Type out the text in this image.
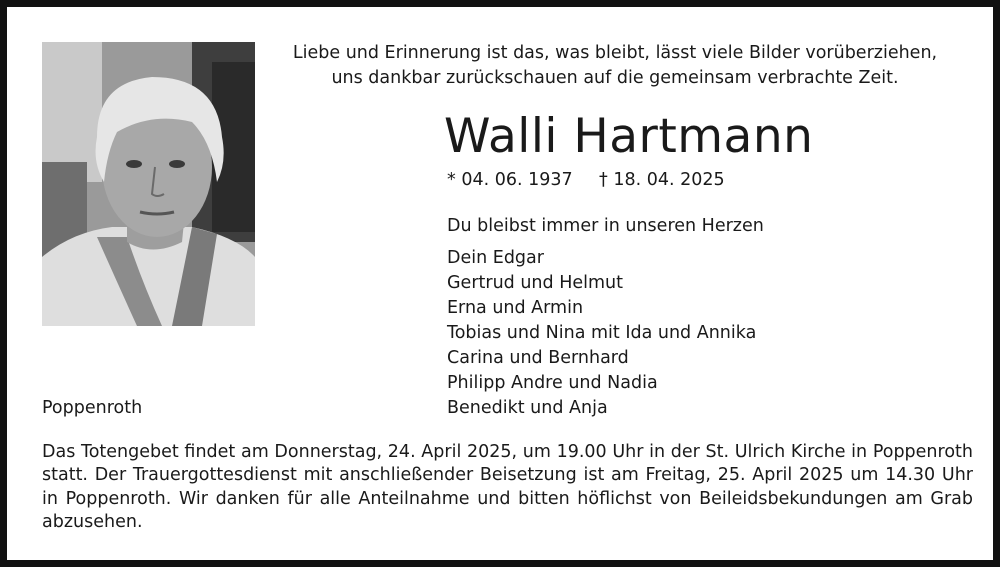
Liebe und Erinnerung ist das, was bleibt, lässt viele Bilder vorüberziehen,
uns dankbar zurückschauen auf die gemeinsam verbrachte Zeit.
Walli Hartmann
* 04. 06. 1937 † 18. 04. 2025
Du bleibst immer in unseren Herzen
Dein Edgar
Gertrud und Helmut
Erna und Armin
Tobias und Nina mit Ida und Annika
Carina und Bernhard
Philipp Andre und Nadia
Benedikt und Anja
Poppenroth
Das Totengebet findet am Donnerstag, 24. April 2025, um 19.00 Uhr in der St. Ulrich Kirche in Poppenroth
statt. Der Trauergottesdienst mit anschließender Beisetzung ist am Freitag, 25. April 2025 um 14.30 Uhr
in Poppenroth. Wir danken für alle Anteilnahme und bitten höflichst von Beileidsbekundungen am Grab
abzusehen.
